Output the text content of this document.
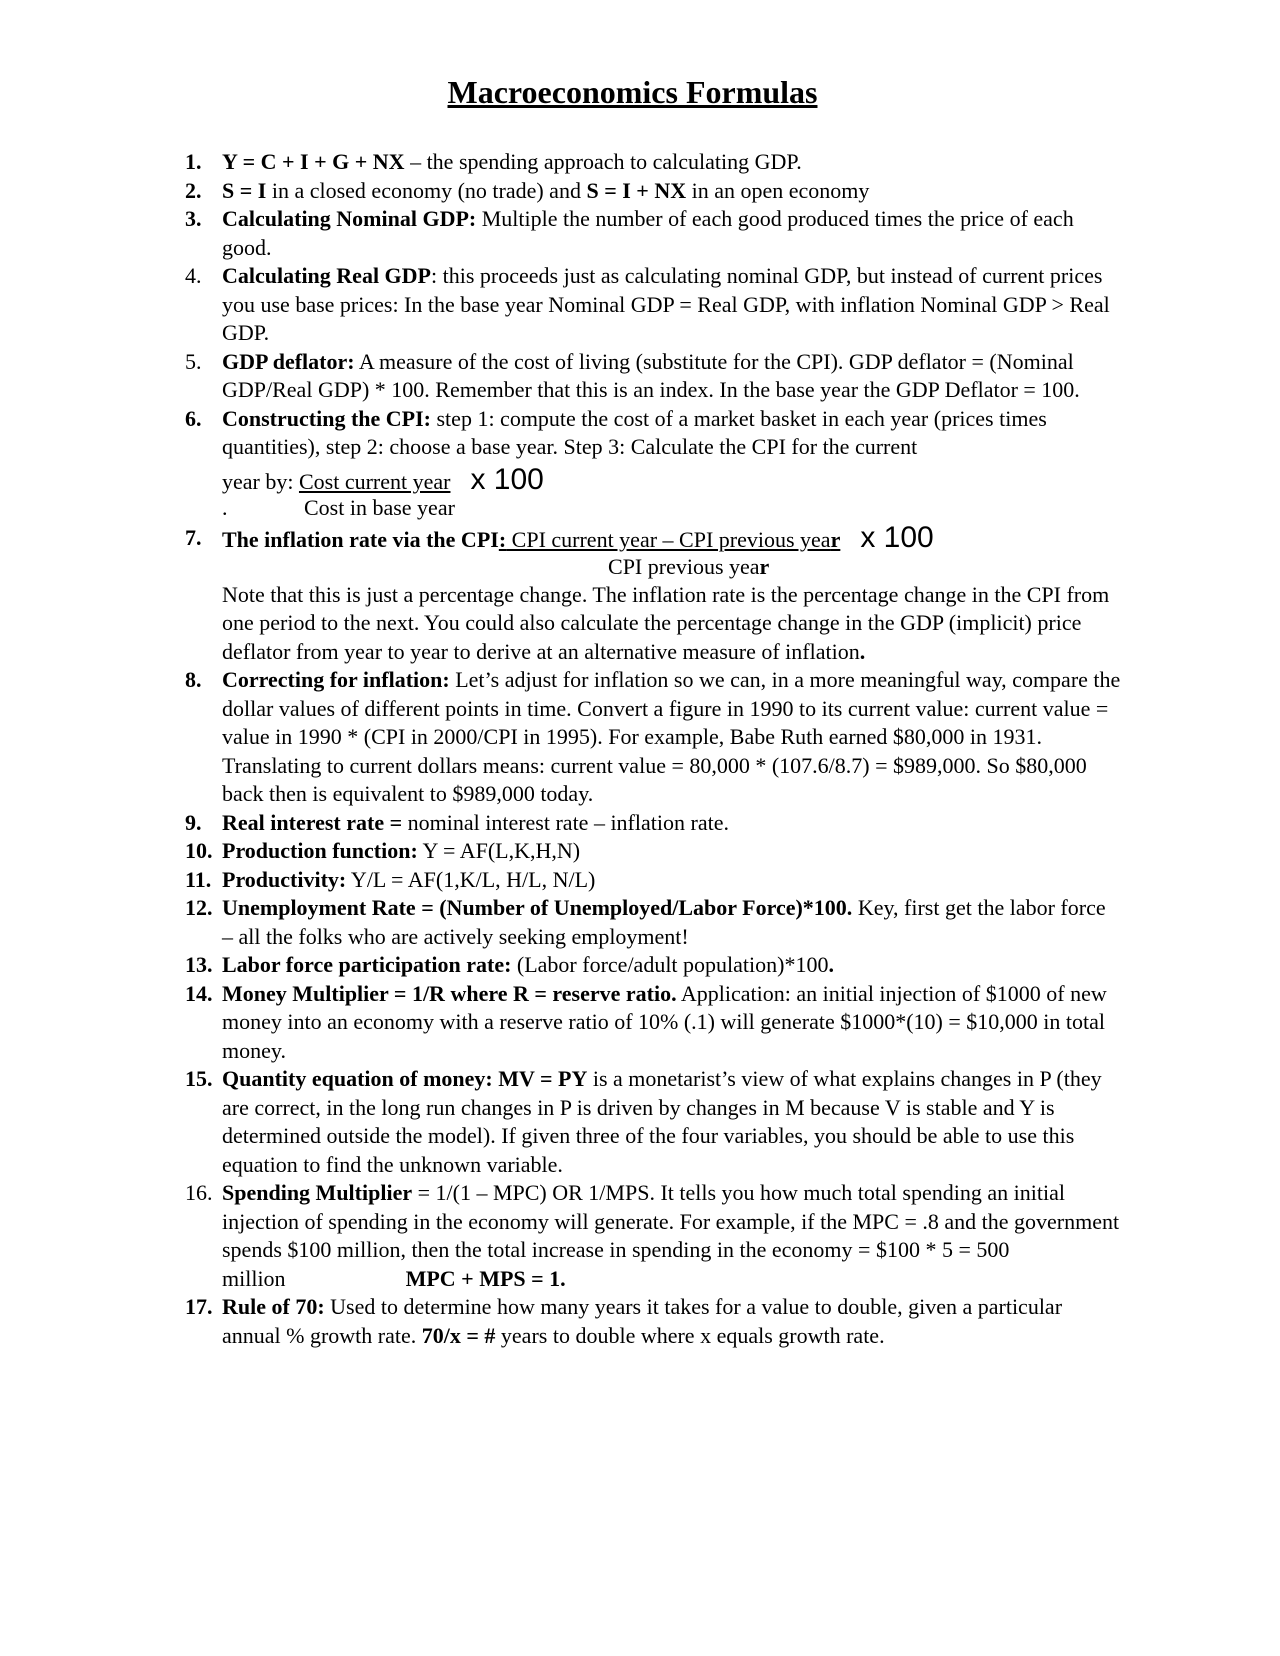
Macroeconomics Formulas
1. Y = C + I + G + NX – the spending approach to calculating GDP.
2. S = I in a closed economy (no trade) and S = I + NX in an open economy
3. Calculating Nominal GDP: Multiple the number of each good produced times the price of each good.
4. Calculating Real GDP: this proceeds just as calculating nominal GDP, but instead of current prices you use base prices: In the base year Nominal GDP = Real GDP, with inflation Nominal GDP > Real GDP.
5. GDP deflator: A measure of the cost of living (substitute for the CPI). GDP deflator = (Nominal GDP/Real GDP) * 100. Remember that this is an index. In the base year the GDP Deflator = 100.
6. Constructing the CPI: step 1: compute the cost of a market basket in each year (prices times quantities), step 2: choose a base year. Step 3: Calculate the CPI for the current
year by: Cost current year x 100
.	Cost in base year
7. The inflation rate via the CPI: CPI current year – CPI previous year x 100
CPI previous year
Note that this is just a percentage change. The inflation rate is the percentage change in the CPI from one period to the next. You could also calculate the percentage change in the GDP (implicit) price deflator from year to year to derive at an alternative measure of inflation.
8. Correcting for inflation: Let’s adjust for inflation so we can, in a more meaningful way, compare the dollar values of different points in time. Convert a figure in 1990 to its current value: current value = value in 1990 * (CPI in 2000/CPI in 1995). For example, Babe Ruth earned $80,000 in 1931. Translating to current dollars means: current value = 80,000 * (107.6/8.7) = $989,000. So $80,000 back then is equivalent to $989,000 today.
9. Real interest rate = nominal interest rate – inflation rate.
10. Production function: Y = AF(L,K,H,N)
11. Productivity: Y/L = AF(1,K/L, H/L, N/L)
12. Unemployment Rate = (Number of Unemployed/Labor Force)*100. Key, first get the labor force – all the folks who are actively seeking employment!
13. Labor force participation rate: (Labor force/adult population)*100.
14. Money Multiplier = 1/R where R = reserve ratio. Application: an initial injection of $1000 of new money into an economy with a reserve ratio of 10% (.1) will generate $1000*(10) = $10,000 in total money.
15. Quantity equation of money: MV = PY is a monetarist’s view of what explains changes in P (they are correct, in the long run changes in P is driven by changes in M because V is stable and Y is determined outside the model). If given three of the four variables, you should be able to use this equation to find the unknown variable.
16. Spending Multiplier = 1/(1 – MPC) OR 1/MPS. It tells you how much total spending an initial injection of spending in the economy will generate. For example, if the MPC = .8 and the government spends $100 million, then the total increase in spending in the economy = $100 * 5 = 500 million	MPC + MPS = 1.
17. Rule of 70: Used to determine how many years it takes for a value to double, given a particular annual % growth rate. 70/x = # years to double where x equals growth rate.
